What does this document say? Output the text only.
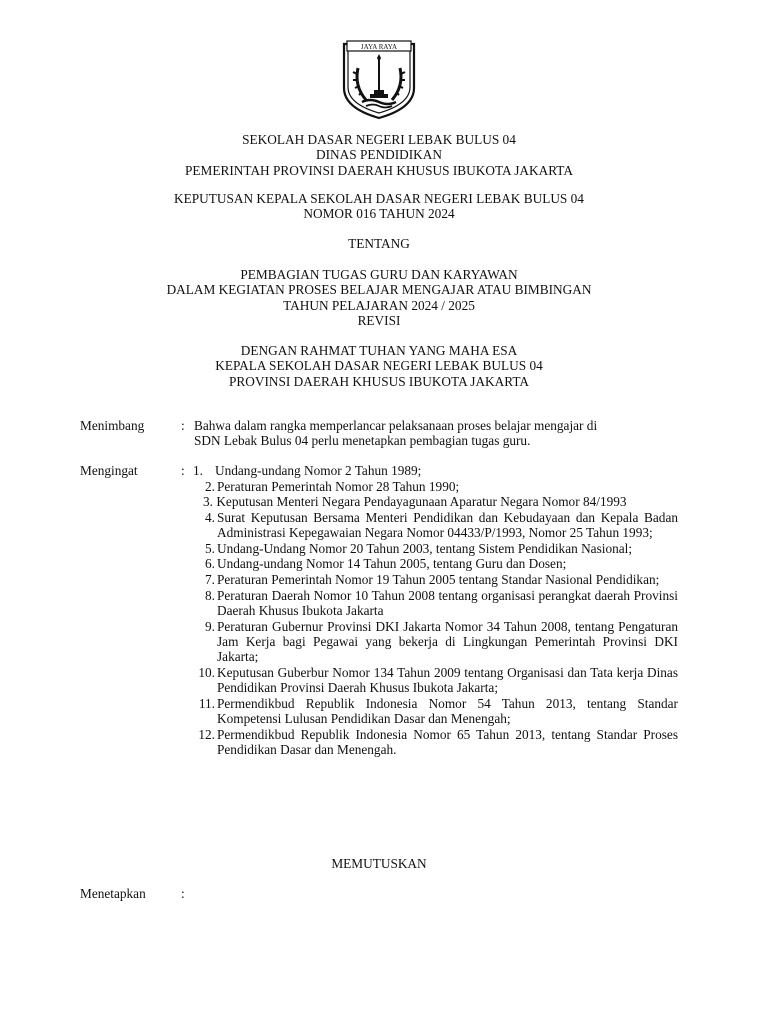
JAYA RAYA
SEKOLAH DASAR NEGERI LEBAK BULUS 04
DINAS PENDIDIKAN
PEMERINTAH PROVINSI DAERAH KHUSUS IBUKOTA JAKARTA
KEPUTUSAN KEPALA SEKOLAH DASAR NEGERI LEBAK BULUS 04
NOMOR 016 TAHUN 2024
TENTANG
PEMBAGIAN TUGAS GURU DAN KARYAWAN
DALAM KEGIATAN PROSES BELAJAR MENGAJAR ATAU BIMBINGAN
TAHUN PELAJARAN 2024 / 2025
REVISI
DENGAN RAHMAT TUHAN YANG MAHA ESA
KEPALA SEKOLAH DASAR NEGERI LEBAK BULUS 04
PROVINSI DAERAH KHUSUS IBUKOTA JAKARTA
Menimbang	: Bahwa dalam rangka memperlancar pelaksanaan proses belajar mengajar di
SDN Lebak Bulus 04 perlu menetapkan pembagian tugas guru.
Mengingat	: 1. Undang-undang Nomor 2 Tahun 1989;
2. Peraturan Pemerintah Nomor 28 Tahun 1990;
3. Keputusan Menteri Negara Pendayagunaan Aparatur Negara Nomor 84/1993
4. Surat Keputusan Bersama Menteri Pendidikan dan Kebudayaan dan Kepala Badan Administrasi Kepegawaian Negara Nomor 04433/P/1993, Nomor 25 Tahun 1993;
5. Undang-Undang Nomor 20 Tahun 2003, tentang Sistem Pendidikan Nasional;
6. Undang-undang Nomor 14 Tahun 2005, tentang Guru dan Dosen;
7. Peraturan Pemerintah Nomor 19 Tahun 2005 tentang Standar Nasional Pendidikan;
8. Peraturan Daerah Nomor 10 Tahun 2008 tentang organisasi perangkat daerah Provinsi Daerah Khusus Ibukota Jakarta
9. Peraturan Gubernur Provinsi DKI Jakarta Nomor 34 Tahun 2008, tentang Pengaturan Jam Kerja bagi Pegawai yang bekerja di Lingkungan Pemerintah Provinsi DKI Jakarta;
10. Keputusan Guberbur Nomor 134 Tahun 2009 tentang Organisasi dan Tata kerja Dinas Pendidikan Provinsi Daerah Khusus Ibukota Jakarta;
11. Permendikbud Republik Indonesia Nomor 54 Tahun 2013, tentang Standar Kompetensi Lulusan Pendidikan Dasar dan Menengah;
12. Permendikbud Republik Indonesia Nomor 65 Tahun 2013, tentang Standar Proses Pendidikan Dasar dan Menengah.
MEMUTUSKAN
Menetapkan	:
